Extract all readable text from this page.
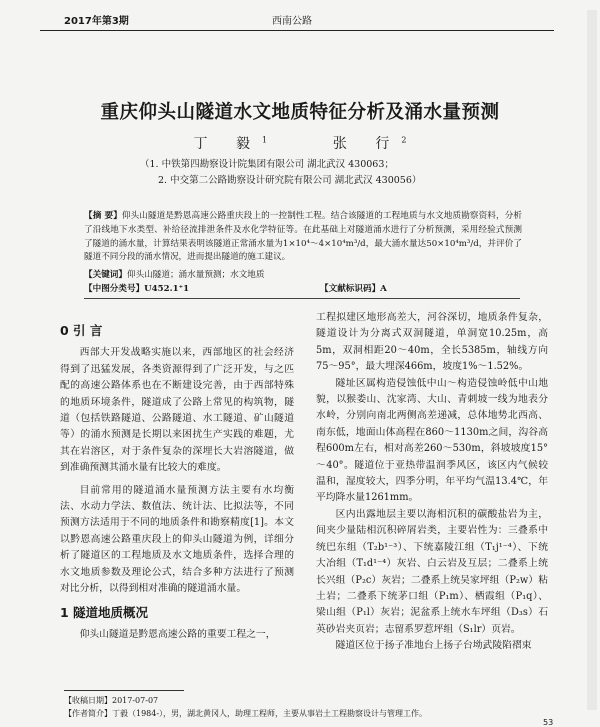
2017年第3期	西南公路
重庆仰头山隧道水文地质特征分析及涌水量预测
丁 毅$^1$	张 行$^2$
（1. 中铁第四勘察设计院集团有限公司 湖北武汉 430063；
2. 中交第二公路勘察设计研究院有限公司 湖北武汉 430056）
【摘 要】仰头山隧道是黔恩高速公路重庆段上的一控制性工程。结合该隧道的工程地质与水文地质勘察资料，分析了沿线地下水类型、补给径流排泄条件及水化学特征等。在此基础上对隧道涌水进行了分析预测，采用经验式预测了隧道的涌水量，计算结果表明该隧道正常涌水量为1×10⁴～4×10⁴m³/d，最大涌水量达50×10⁴m³/d，并评价了隧道不同分段的涌水情况，进而提出隧道的施工建议。
【关键词】仰头山隧道；涌水量预测；水文地质
【中图分类号】U452.1⁺1	【文献标识码】A
0 引 言

西部大开发战略实施以来，西部地区的社会经济得到了迅猛发展，各类资源得到了广泛开发，与之匹配的高速公路体系也在不断建设完善，由于西部特殊的地质环境条件，隧道成了公路上常见的构筑物，隧道（包括铁路隧道、公路隧道、水工隧道、矿山隧道等）的涌水预测是长期以来困扰生产实践的难题，尤其在岩溶区，对于条件复杂的深埋长大岩溶隧道，做到准确预测其涌水量有比较大的难度。

目前常用的隧道涌水量预测方法主要有水均衡法、水动力学法、数值法、统计法、比拟法等，不同预测方法适用于不同的地质条件和勘察精度[1]。本文以黔恩高速公路重庆段上的仰头山隧道为例，详细分析了隧道区的工程地质及水文地质条件，选择合理的水文地质参数及理论公式，结合多种方法进行了预测对比分析，以得到相对准确的隧道涌水量。

1 隧道地质概况

仰头山隧道是黔恩高速公路的重要工程之一，

工程拟建区地形高差大，河谷深切，地质条件复杂，隧道设计为分离式双洞隧道，单洞宽10.25m，高5m，双洞相距20～40m，全长5385m，轴线方向75～95°，最大埋深466m，坡度1%～1.52%。

隧址区属构造侵蚀低中山～构造侵蚀岭低中山地貌，以猴娄山、沈家湾、大山、青刺坡一线为地表分水岭，分别向南北两侧高差递减，总体地势北西高、南东低，地面山体高程在860～1130m之间，沟谷高程600m左右，相对高差260～530m，斜坡坡度15°～40°。隧道位于亚热带温润季风区，该区内气候较温和，湿度较大，四季分明，年平均气温13.4℃，年平均降水量1261mm。

区内出露地层主要以海相沉积的碳酸盐岩为主，间夹少量陆相沉积碎屑岩类，主要岩性为：三叠系中统巴东组（T₂b¹⁻³）、下统嘉陵江组（T₁j¹⁻⁴）、下统大冶组（T₁d¹⁻⁴）灰岩、白云岩及互层；二叠系上统长兴组（P₂c）灰岩；二叠系上统吴家坪组（P₂w）粘土岩；二叠系下统茅口组（P₁m）、栖霞组（P₁q）、梁山组（P₁l）灰岩；泥盆系上统水车坪组（D₃s）石英砂岩夹页岩；志留系罗惹坪组（S₁lr）页岩。

隧道区位于扬子准地台上扬子台坳武陵陷褶束

【收稿日期】2017-07-07
【作者简介】丁毅（1984-），男，湖北黄冈人，助理工程师，主要从事岩土工程勘察设计与管理工作。
53
